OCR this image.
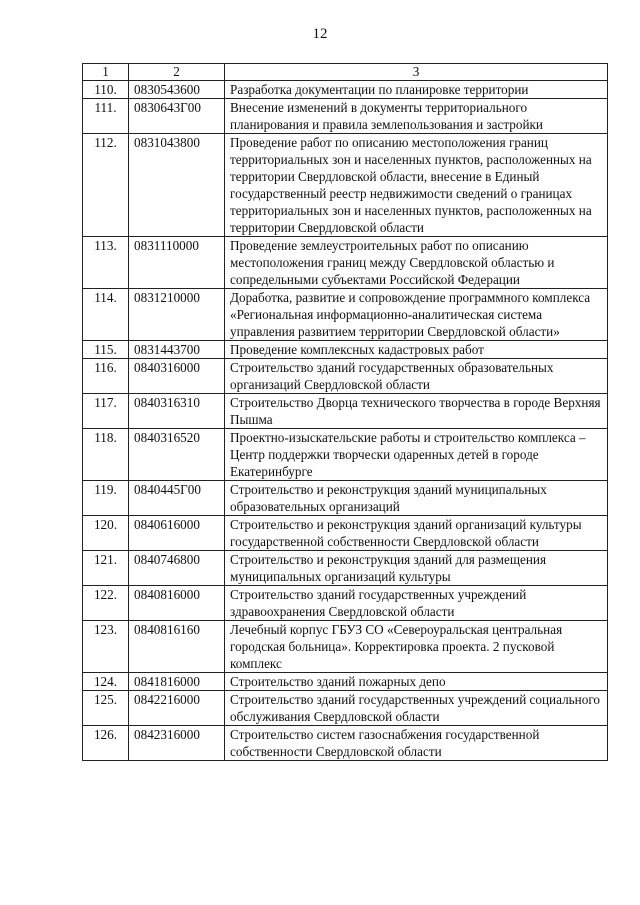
12
1	2	3
110.	0830543600	Разработка документации по планировке территории
111.	0830643Г00	Внесение изменений в документы территориального планирования и правила землепользования и застройки
112.	0831043800	Проведение работ по описанию местоположения границ территориальных зон и населенных пунктов, расположенных на территории Свердловской области, внесение в Единый государственный реестр недвижимости сведений о границах территориальных зон и населенных пунктов, расположенных на территории Свердловской области
113.	0831110000	Проведение землеустроительных работ по описанию местоположения границ между Свердловской областью и сопредельными субъектами Российской Федерации
114.	0831210000	Доработка, развитие и сопровождение программного комплекса «Региональная информационно-аналитическая система управления развитием территории Свердловской области»
115.	0831443700	Проведение комплексных кадастровых работ
116.	0840316000	Строительство зданий государственных образовательных организаций Свердловской области
117.	0840316310	Строительство Дворца технического творчества в городе Верхняя Пышма
118.	0840316520	Проектно-изыскательские работы и строительство комплекса – Центр поддержки творчески одаренных детей в городе Екатеринбурге
119.	0840445Г00	Строительство и реконструкция зданий муниципальных образовательных организаций
120.	0840616000	Строительство и реконструкция зданий организаций культуры государственной собственности Свердловской области
121.	0840746800	Строительство и реконструкция зданий для размещения муниципальных организаций культуры
122.	0840816000	Строительство зданий государственных учреждений здравоохранения Свердловской области
123.	0840816160	Лечебный корпус ГБУЗ СО «Североуральская центральная городская больница». Корректировка проекта. 2 пусковой комплекс
124.	0841816000	Строительство зданий пожарных депо
125.	0842216000	Строительство зданий государственных учреждений социального обслуживания Свердловской области
126.	0842316000	Строительство систем газоснабжения государственной собственности Свердловской области
